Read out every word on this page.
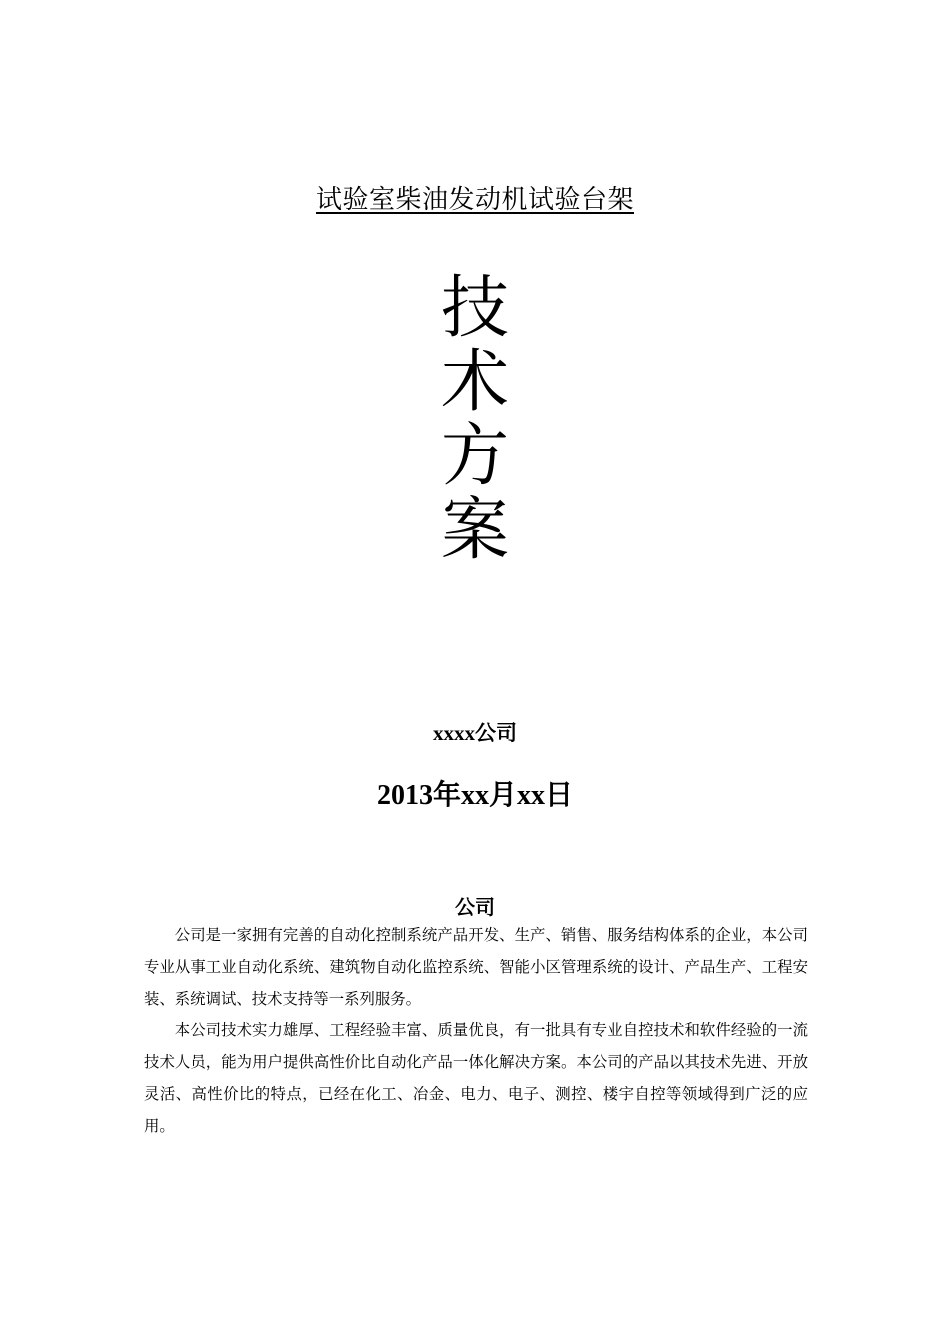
试验室柴油发动机试验台架
技
术
方
案
xxxx公司
2013年xx月xx日
公司

公司是一家拥有完善的自动化控制系统产品开发、生产、销售、服务结构体系的企业，本公司专业从事工业自动化系统、建筑物自动化监控系统、智能小区管理系统的设计、产品生产、工程安装、系统调试、技术支持等一系列服务。

本公司技术实力雄厚、工程经验丰富、质量优良，有一批具有专业自控技术和软件经验的一流技术人员，能为用户提供高性价比自动化产品一体化解决方案。本公司的产品以其技术先进、开放灵活、高性价比的特点，已经在化工、冶金、电力、电子、测控、楼宇自控等领域得到广泛的应用。
